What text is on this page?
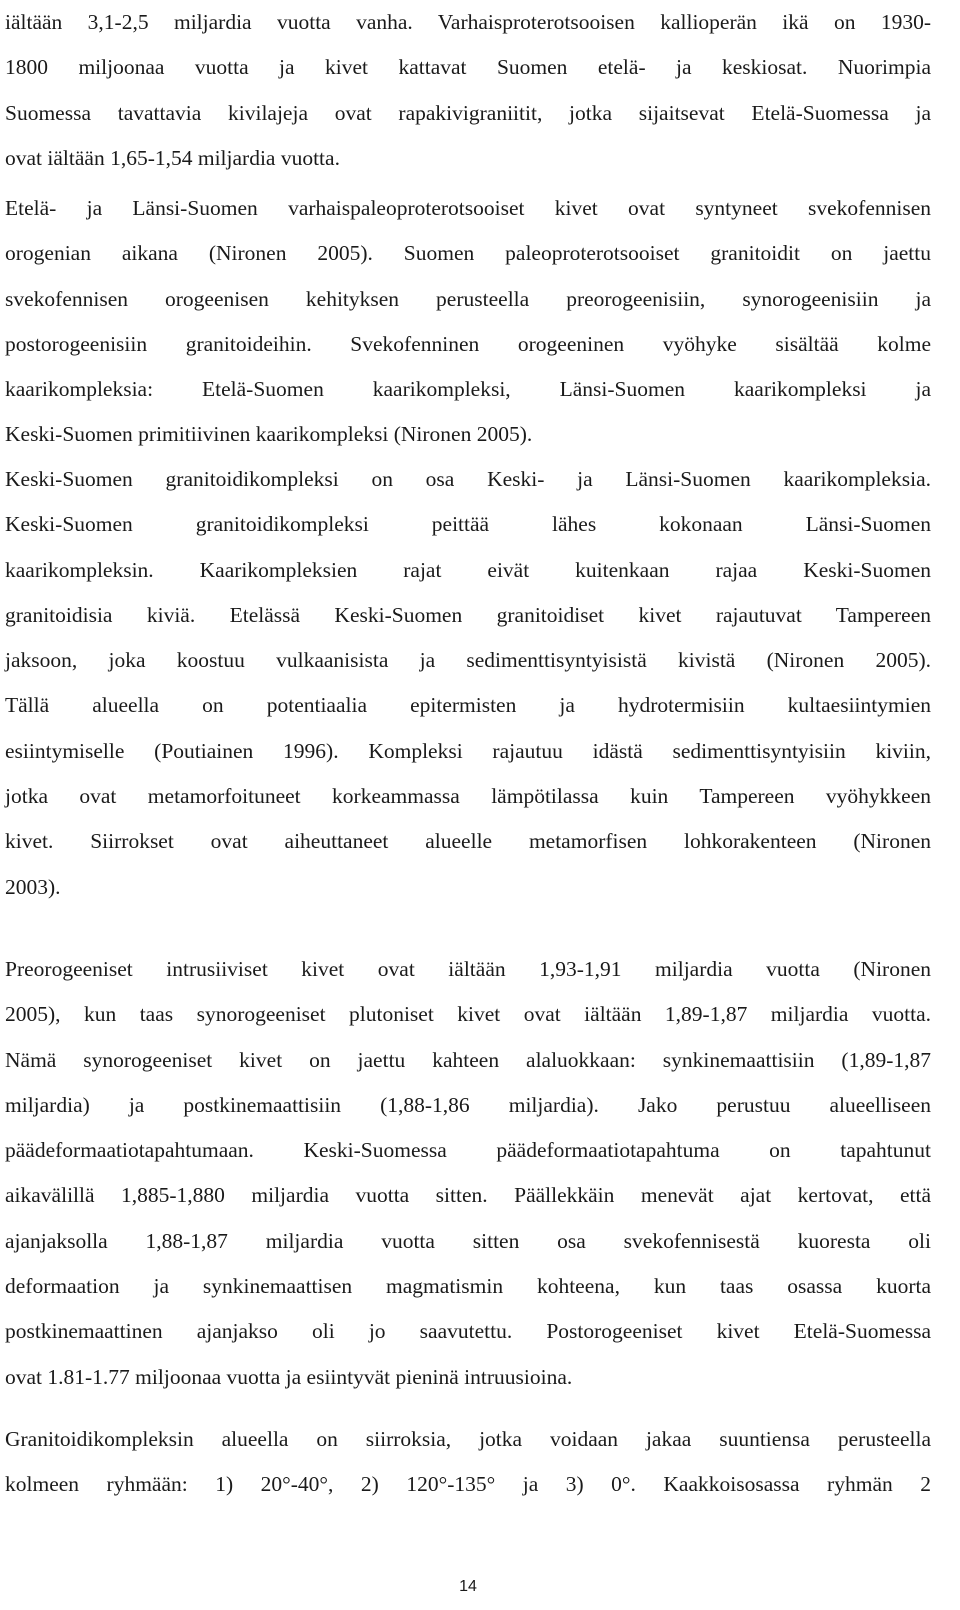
iältään 3,1-2,5 miljardia vuotta vanha. Varhaisproterotsooisen kallioperän ikä on 1930-
1800 miljoonaa vuotta ja kivet kattavat Suomen etelä- ja keskiosat. Nuorimpia
Suomessa tavattavia kivilajeja ovat rapakivigraniitit, jotka sijaitsevat Etelä-Suomessa ja
ovat iältään 1,65-1,54 miljardia vuotta.
Etelä- ja Länsi-Suomen varhaispaleoproterotsooiset kivet ovat syntyneet svekofennisen
orogenian aikana (Nironen 2005). Suomen paleoproterotsooiset granitoidit on jaettu
svekofennisen orogeenisen kehityksen perusteella preorogeenisiin, synorogeenisiin ja
postorogeenisiin granitoideihin. Svekofenninen orogeeninen vyöhyke sisältää kolme
kaarikompleksia: Etelä-Suomen kaarikompleksi, Länsi-Suomen kaarikompleksi ja
Keski-Suomen primitiivinen kaarikompleksi (Nironen 2005).
Keski-Suomen granitoidikompleksi on osa Keski- ja Länsi-Suomen kaarikompleksia.
Keski-Suomen granitoidikompleksi peittää lähes kokonaan Länsi-Suomen
kaarikompleksin. Kaarikompleksien rajat eivät kuitenkaan rajaa Keski-Suomen
granitoidisia kiviä. Etelässä Keski-Suomen granitoidiset kivet rajautuvat Tampereen
jaksoon, joka koostuu vulkaanisista ja sedimenttisyntyisistä kivistä (Nironen 2005).
Tällä alueella on potentiaalia epitermisten ja hydrotermisiin kultaesiintymien
esiintymiselle (Poutiainen 1996). Kompleksi rajautuu idästä sedimenttisyntyisiin kiviin,
jotka ovat metamorfoituneet korkeammassa lämpötilassa kuin Tampereen vyöhykkeen
kivet. Siirrokset ovat aiheuttaneet alueelle metamorfisen lohkorakenteen (Nironen
2003).
Preorogeeniset intrusiiviset kivet ovat iältään 1,93-1,91 miljardia vuotta (Nironen
2005), kun taas synorogeeniset plutoniset kivet ovat iältään 1,89-1,87 miljardia vuotta.
Nämä synorogeeniset kivet on jaettu kahteen alaluokkaan: synkinemaattisiin (1,89-1,87
miljardia) ja postkinemaattisiin (1,88-1,86 miljardia). Jako perustuu alueelliseen
päädeformaatiotapahtumaan. Keski-Suomessa päädeformaatiotapahtuma on tapahtunut
aikavälillä 1,885-1,880 miljardia vuotta sitten. Päällekkäin menevät ajat kertovat, että
ajanjaksolla 1,88-1,87 miljardia vuotta sitten osa svekofennisestä kuoresta oli
deformaation ja synkinemaattisen magmatismin kohteena, kun taas osassa kuorta
postkinemaattinen ajanjakso oli jo saavutettu. Postorogeeniset kivet Etelä-Suomessa
ovat 1.81-1.77 miljoonaa vuotta ja esiintyvät pieninä intruusioina.
Granitoidikompleksin alueella on siirroksia, jotka voidaan jakaa suuntiensa perusteella
kolmeen ryhmään: 1) 20°-40°, 2) 120°-135° ja 3) 0°. Kaakkoisosassa ryhmän 2
14
